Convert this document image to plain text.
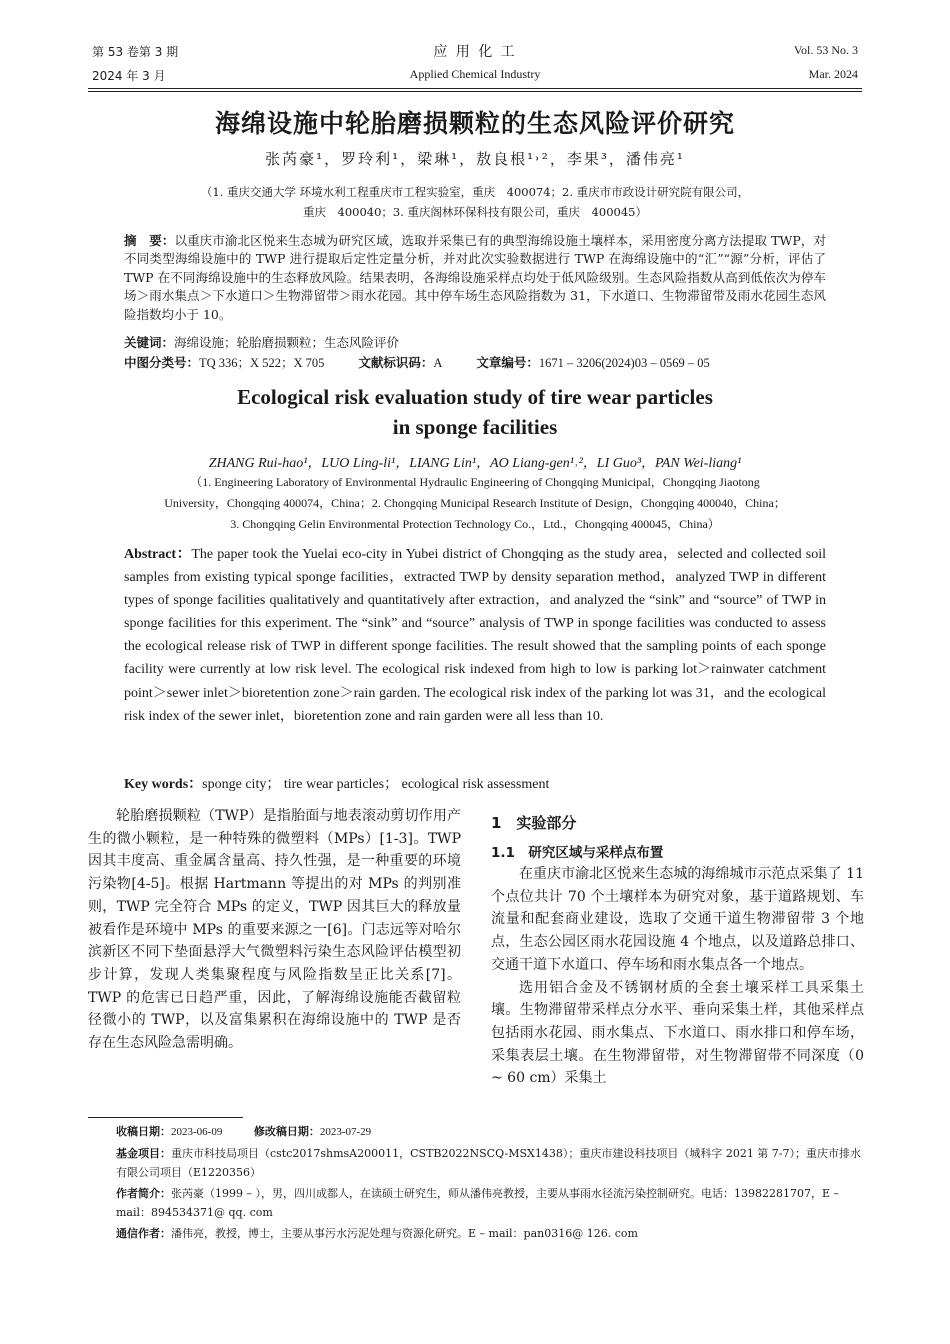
第 53 卷第 3 期
2024 年 3 月
应 用 化 工
Applied Chemical Industry
Vol. 53 No. 3
Mar. 2024
海绵设施中轮胎磨损颗粒的生态风险评价研究
张芮豪¹，罗玲利¹，梁琳¹，敖良根¹˒²，李果³，潘伟亮¹
（1. 重庆交通大学 环境水利工程重庆市工程实验室，重庆　400074；2. 重庆市市政设计研究院有限公司，
重庆　400040；3. 重庆阁林环保科技有限公司，重庆　400045）
摘　要：以重庆市渝北区悦来生态城为研究区域，选取并采集已有的典型海绵设施土壤样本，采用密度分离方法提取 TWP，对不同类型海绵设施中的 TWP 进行提取后定性定量分析，并对此次实验数据进行 TWP 在海绵设施中的“汇”“源”分析，评估了 TWP 在不同海绵设施中的生态释放风险。结果表明，各海绵设施采样点均处于低风险级别。生态风险指数从高到低依次为停车场＞雨水集点＞下水道口＞生物滞留带＞雨水花园。其中停车场生态风险指数为 31，下水道口、生物滞留带及雨水花园生态风险指数均小于 10。
关键词：海绵设施；轮胎磨损颗粒；生态风险评价
中图分类号：TQ 336；X 522；X 705	文献标识码：A	文章编号：1671 – 3206(2024)03 – 0569 – 05
Ecological risk evaluation study of tire wear particles
in sponge facilities
ZHANG Rui-hao¹，LUO Ling-li¹，LIANG Lin¹，AO Liang-gen¹˒²，LI Guo³，PAN Wei-liang¹
（1. Engineering Laboratory of Environmental Hydraulic Engineering of Chongqing Municipal，Chongqing Jiaotong
University，Chongqing 400074，China；2. Chongqing Municipal Research Institute of Design，Chongqing 400040，China；
3. Chongqing Gelin Environmental Protection Technology Co.，Ltd.，Chongqing 400045，China）
Abstract：The paper took the Yuelai eco-city in Yubei district of Chongqing as the study area，selected and collected soil samples from existing typical sponge facilities，extracted TWP by density separation method，analyzed TWP in different types of sponge facilities qualitatively and quantitatively after extraction，and analyzed the “sink” and “source” of TWP in sponge facilities for this experiment. The “sink” and “source” analysis of TWP in sponge facilities was conducted to assess the ecological release risk of TWP in different sponge facilities. The result showed that the sampling points of each sponge facility were currently at low risk level. The ecological risk indexed from high to low is parking lot＞rainwater catchment point＞sewer inlet＞bioretention zone＞rain garden. The ecological risk index of the parking lot was 31，and the ecological risk index of the sewer inlet，bioretention zone and rain garden were all less than 10.
Key words：sponge city； tire wear particles； ecological risk assessment

轮胎磨损颗粒（TWP）是指胎面与地表滚动剪切作用产生的微小颗粒，是一种特殊的微塑料（MPs）[1-3]。TWP 因其丰度高、重金属含量高、持久性强，是一种重要的环境污染物[4-5]。根据 Hartmann 等提出的对 MPs 的判别准则，TWP 完全符合 MPs 的定义，TWP 因其巨大的释放量被看作是环境中 MPs 的重要来源之一[6]。门志远等对哈尔滨新区不同下垫面悬浮大气微塑料污染生态风险评估模型初步计算，发现人类集聚程度与风险指数呈正比关系[7]。TWP 的危害已日趋严重，因此，了解海绵设施能否截留粒径微小的 TWP，以及富集累积在海绵设施中的 TWP 是否存在生态风险急需明确。

1　实验部分
1.1　研究区域与采样点布置

在重庆市渝北区悦来生态城的海绵城市示范点采集了 11 个点位共计 70 个土壤样本为研究对象，基于道路规划、车流量和配套商业建设，选取了交通干道生物滞留带 3 个地点，生态公园区雨水花园设施 4 个地点，以及道路总排口、交通干道下水道口、停车场和雨水集点各一个地点。

选用铝合金及不锈钢材质的全套土壤采样工具采集土壤。生物滞留带采样点分水平、垂向采集土样，其他采样点包括雨水花园、雨水集点、下水道口、雨水排口和停车场，采集表层土壤。在生物滞留带，对生物滞留带不同深度（0 ~ 60 cm）采集土

收稿日期：2023-06-09	修改稿日期：2023-07-29
基金项目：重庆市科技局项目（cstc2017shmsA200011，CSTB2022NSCQ-MSX1438）；重庆市建设科技项目（城科字 2021 第 7-7）；重庆市排水有限公司项目（E1220356）
作者简介：张芮豪（1999 – ），男，四川成都人，在读硕士研究生，师从潘伟亮教授，主要从事雨水径流污染控制研究。电话：13982281707，E – mail：894534371@ qq. com
通信作者：潘伟亮，教授，博士，主要从事污水污泥处理与资源化研究。E – mail：pan0316@ 126. com
